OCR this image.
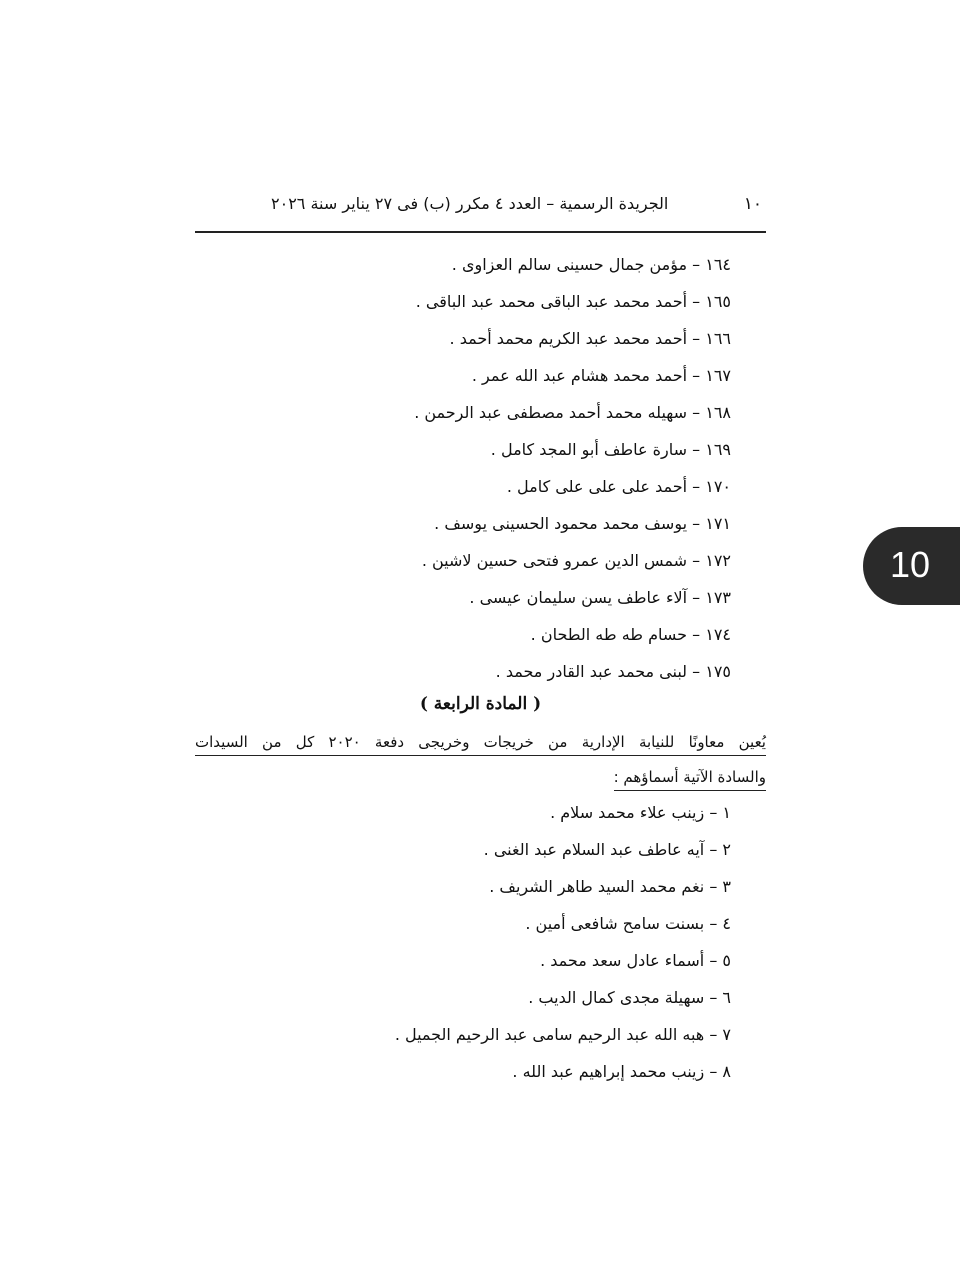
١٠
الجريدة الرسمية – العدد ٤ مكرر (ب) فى ٢٧ يناير سنة ٢٠٢٦
١٦٤ – مؤمن جمال حسينى سالم العزاوى .
١٦٥ – أحمد محمد عبد الباقى محمد عبد الباقى .
١٦٦ – أحمد محمد عبد الكريم محمد أحمد .
١٦٧ – أحمد محمد هشام عبد الله عمر .
١٦٨ – سهيله محمد أحمد مصطفى عبد الرحمن .
١٦٩ – سارة عاطف أبو المجد كامل .
١٧٠ – أحمد على على على كامل .
١٧١ – يوسف محمد محمود الحسينى يوسف .
١٧٢ – شمس الدين عمرو فتحى حسين لاشين .
١٧٣ – آلاء عاطف يسن سليمان عيسى .
١٧٤ – حسام طه طه الطحان .
١٧٥ – لبنى محمد عبد القادر محمد .
( المادة الرابعة )
يُعين معاونًا للنيابة الإدارية من خريجات وخريجى دفعة ٢٠٢٠ كل من السيدات
والسادة الآتية أسماؤهم :
١ – زينب علاء محمد سلام .
٢ – آيه عاطف عبد السلام عبد الغنى .
٣ – نغم محمد السيد طاهر الشريف .
٤ – بسنت سامح شافعى أمين .
٥ – أسماء عادل سعد محمد .
٦ – سهيلة مجدى كمال الديب .
٧ – هبه الله عبد الرحيم سامى عبد الرحيم الجميل .
٨ – زينب محمد إبراهيم عبد الله .
10
